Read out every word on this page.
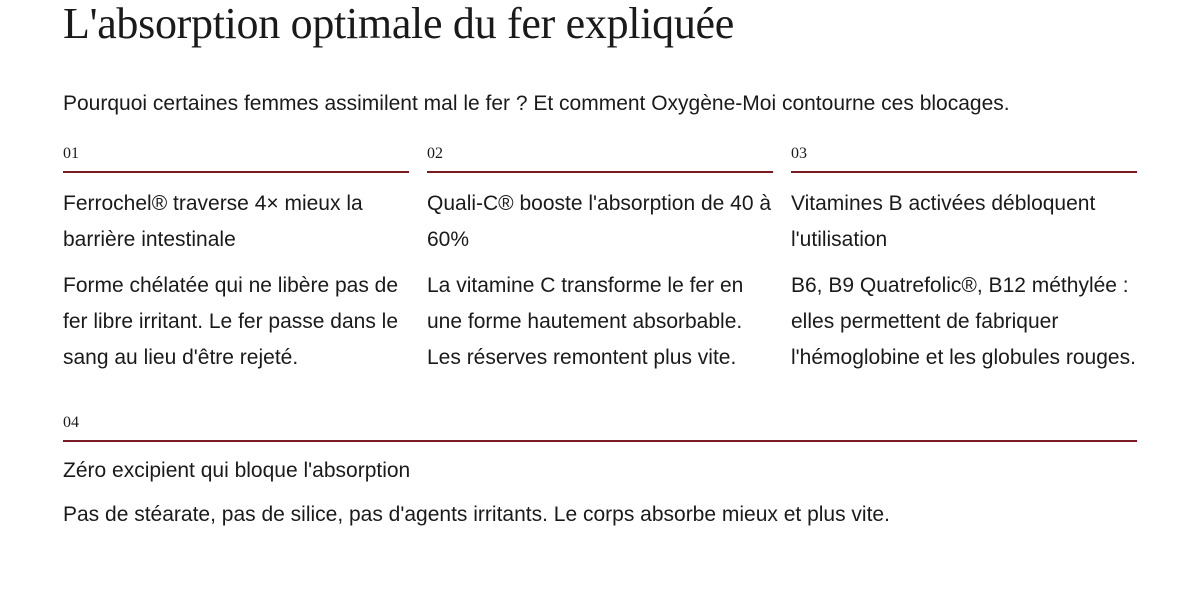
L'absorption optimale du fer expliquée

Pourquoi certaines femmes assimilent mal le fer ? Et comment Oxygène-Moi contourne ces blocages.

01
Ferrochel® traverse 4× mieux la barrière intestinale
Forme chélatée qui ne libère pas de fer libre irritant. Le fer passe dans le sang au lieu d'être rejeté.
02
Quali-C® booste l'absorption de 40 à 60%
La vitamine C transforme le fer en une forme hautement absorbable. Les réserves remontent plus vite.
03
Vitamines B activées débloquent l'utilisation
B6, B9 Quatrefolic®, B12 méthylée : elles permettent de fabriquer l'hémoglobine et les globules rouges.
04
Zéro excipient qui bloque l'absorption
Pas de stéarate, pas de silice, pas d'agents irritants. Le corps absorbe mieux et plus vite.
